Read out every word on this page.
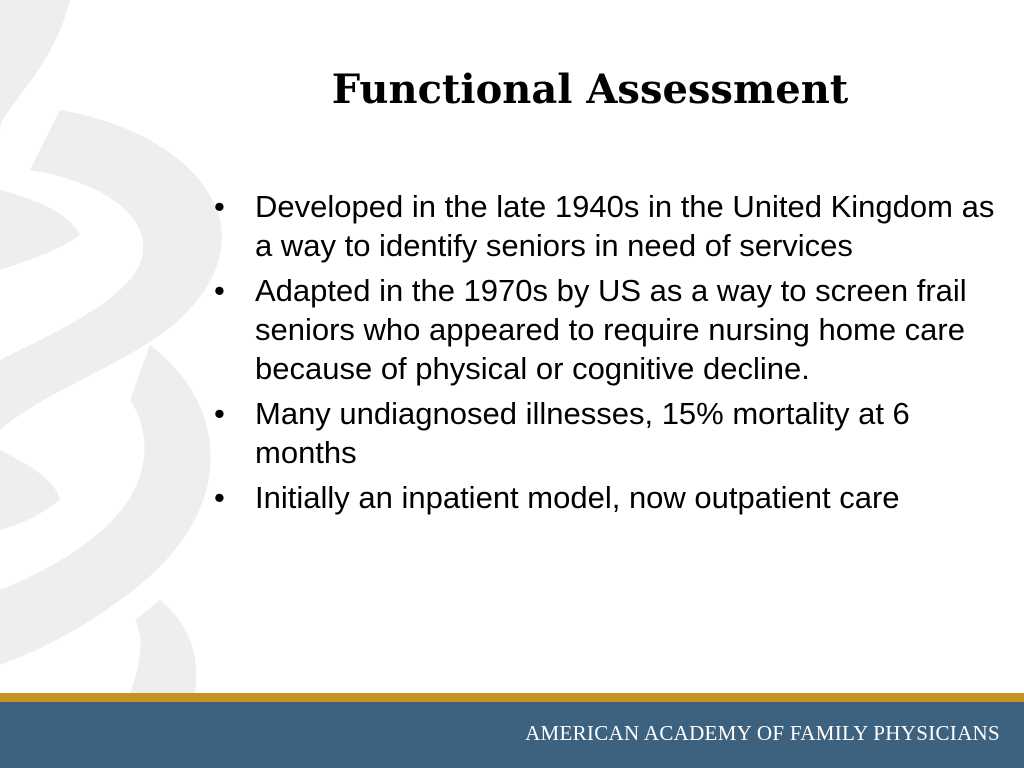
Functional Assessment
• Developed in the late 1940s in the United Kingdom as a way to identify seniors in need of services
• Adapted in the 1970s by US as a way to screen frail seniors who appeared to require nursing home care because of physical or cognitive decline.
• Many undiagnosed illnesses, 15% mortality at 6 months
• Initially an inpatient model, now outpatient care
AMERICAN ACADEMY OF FAMILY PHYSICIANS
